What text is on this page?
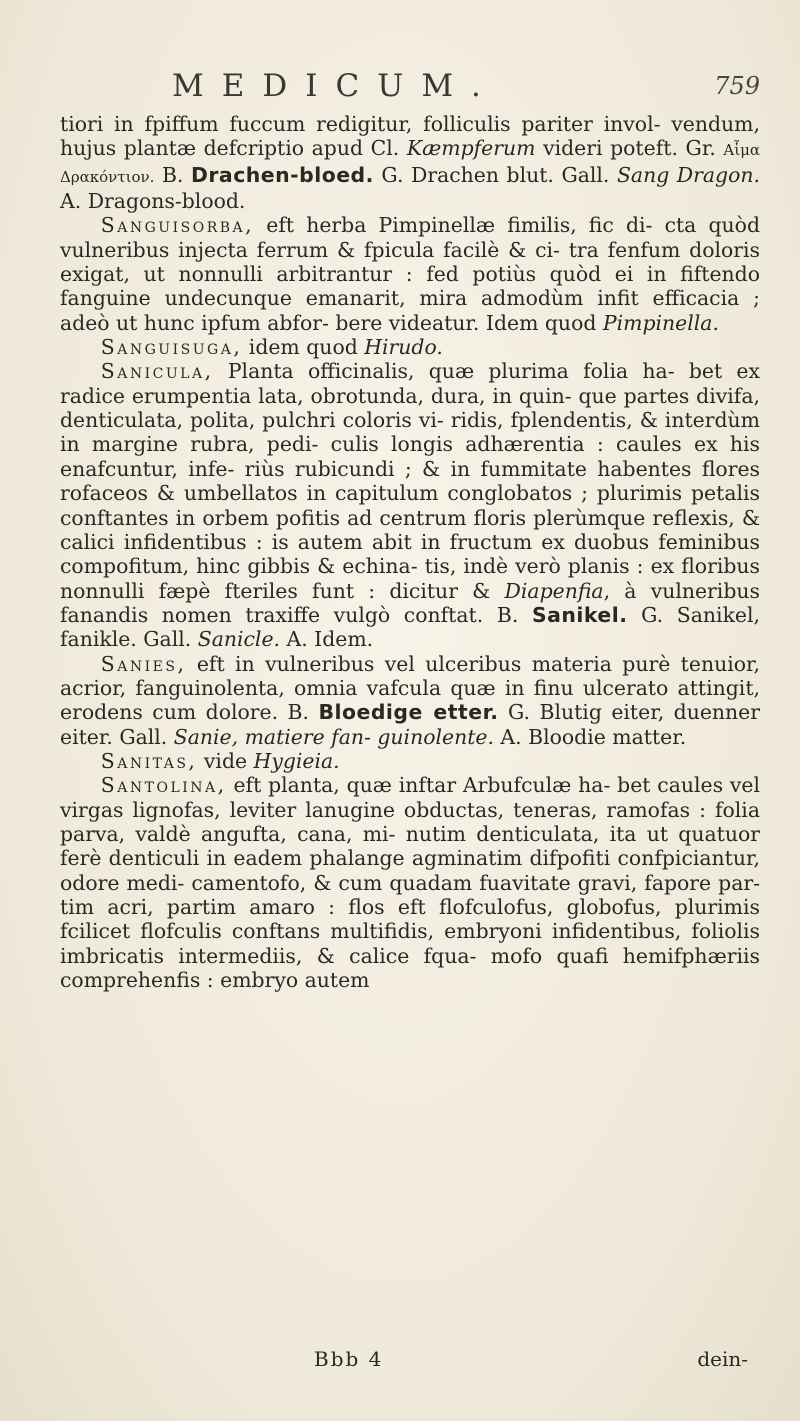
MEDICUM.	759

tiori in fpiffum fuccum redigitur, folliculis pariter invol- vendum, hujus plantæ defcriptio apud Cl. Kæmpferum videri poteft. Gr. Αἷμα Δρακόντιον. B. Drachen-bloed. G. Drachen blut. Gall. Sang Dragon. A. Dragons-blood.

Sanguisorba, eft herba Pimpinellæ fimilis, fic di- cta quòd vulneribus injecta ferrum & fpicula facilè & ci- tra fenfum doloris exigat, ut nonnulli arbitrantur : fed potiùs quòd ei in fiftendo fanguine undecunque emanarit, mira admodùm infit efficacia ; adeò ut hunc ipfum abfor- bere videatur. Idem quod Pimpinella.

Sanguisuga, idem quod Hirudo.

Sanicula, Planta officinalis, quæ plurima folia ha- bet ex radice erumpentia lata, obrotunda, dura, in quin- que partes divifa, denticulata, polita, pulchri coloris vi- ridis, fplendentis, & interdùm in margine rubra, pedi- culis longis adhærentia : caules ex his enafcuntur, infe- riùs rubicundi ; & in fummitate habentes flores rofaceos & umbellatos in capitulum conglobatos ; plurimis petalis conftantes in orbem pofitis ad centrum floris plerùmque reflexis, & calici infidentibus : is autem abit in fructum ex duobus feminibus compofitum, hinc gibbis & echina- tis, indè verò planis : ex floribus nonnulli fæpè fteriles funt : dicitur & Diapenfia, à vulneribus fanandis nomen traxiffe vulgò conftat. B. Sanikel. G. Sanikel, fanikle. Gall. Sanicle. A. Idem.

Sanies, eft in vulneribus vel ulceribus materia purè tenuior, acrior, fanguinolenta, omnia vafcula quæ in finu ulcerato attingit, erodens cum dolore. B. Bloedige etter. G. Blutig eiter, duenner eiter. Gall. Sanie, matiere fan- guinolente. A. Bloodie matter.

Sanitas, vide Hygieia.

Santolina, eft planta, quæ inftar Arbufculæ ha- bet caules vel virgas lignofas, leviter lanugine obductas, teneras, ramofas : folia parva, valdè angufta, cana, mi- nutim denticulata, ita ut quatuor ferè denticuli in eadem phalange agminatim difpofiti confpiciantur, odore medi- camentofo, & cum quadam fuavitate gravi, fapore par- tim acri, partim amaro : flos eft flofculofus, globofus, plurimis fcilicet flofculis conftans multifidis, embryoni infidentibus, foliolis imbricatis intermediis, & calice fqua- mofo quafi hemifphæriis comprehenfis : embryo autem

Bbb 4	dein-
